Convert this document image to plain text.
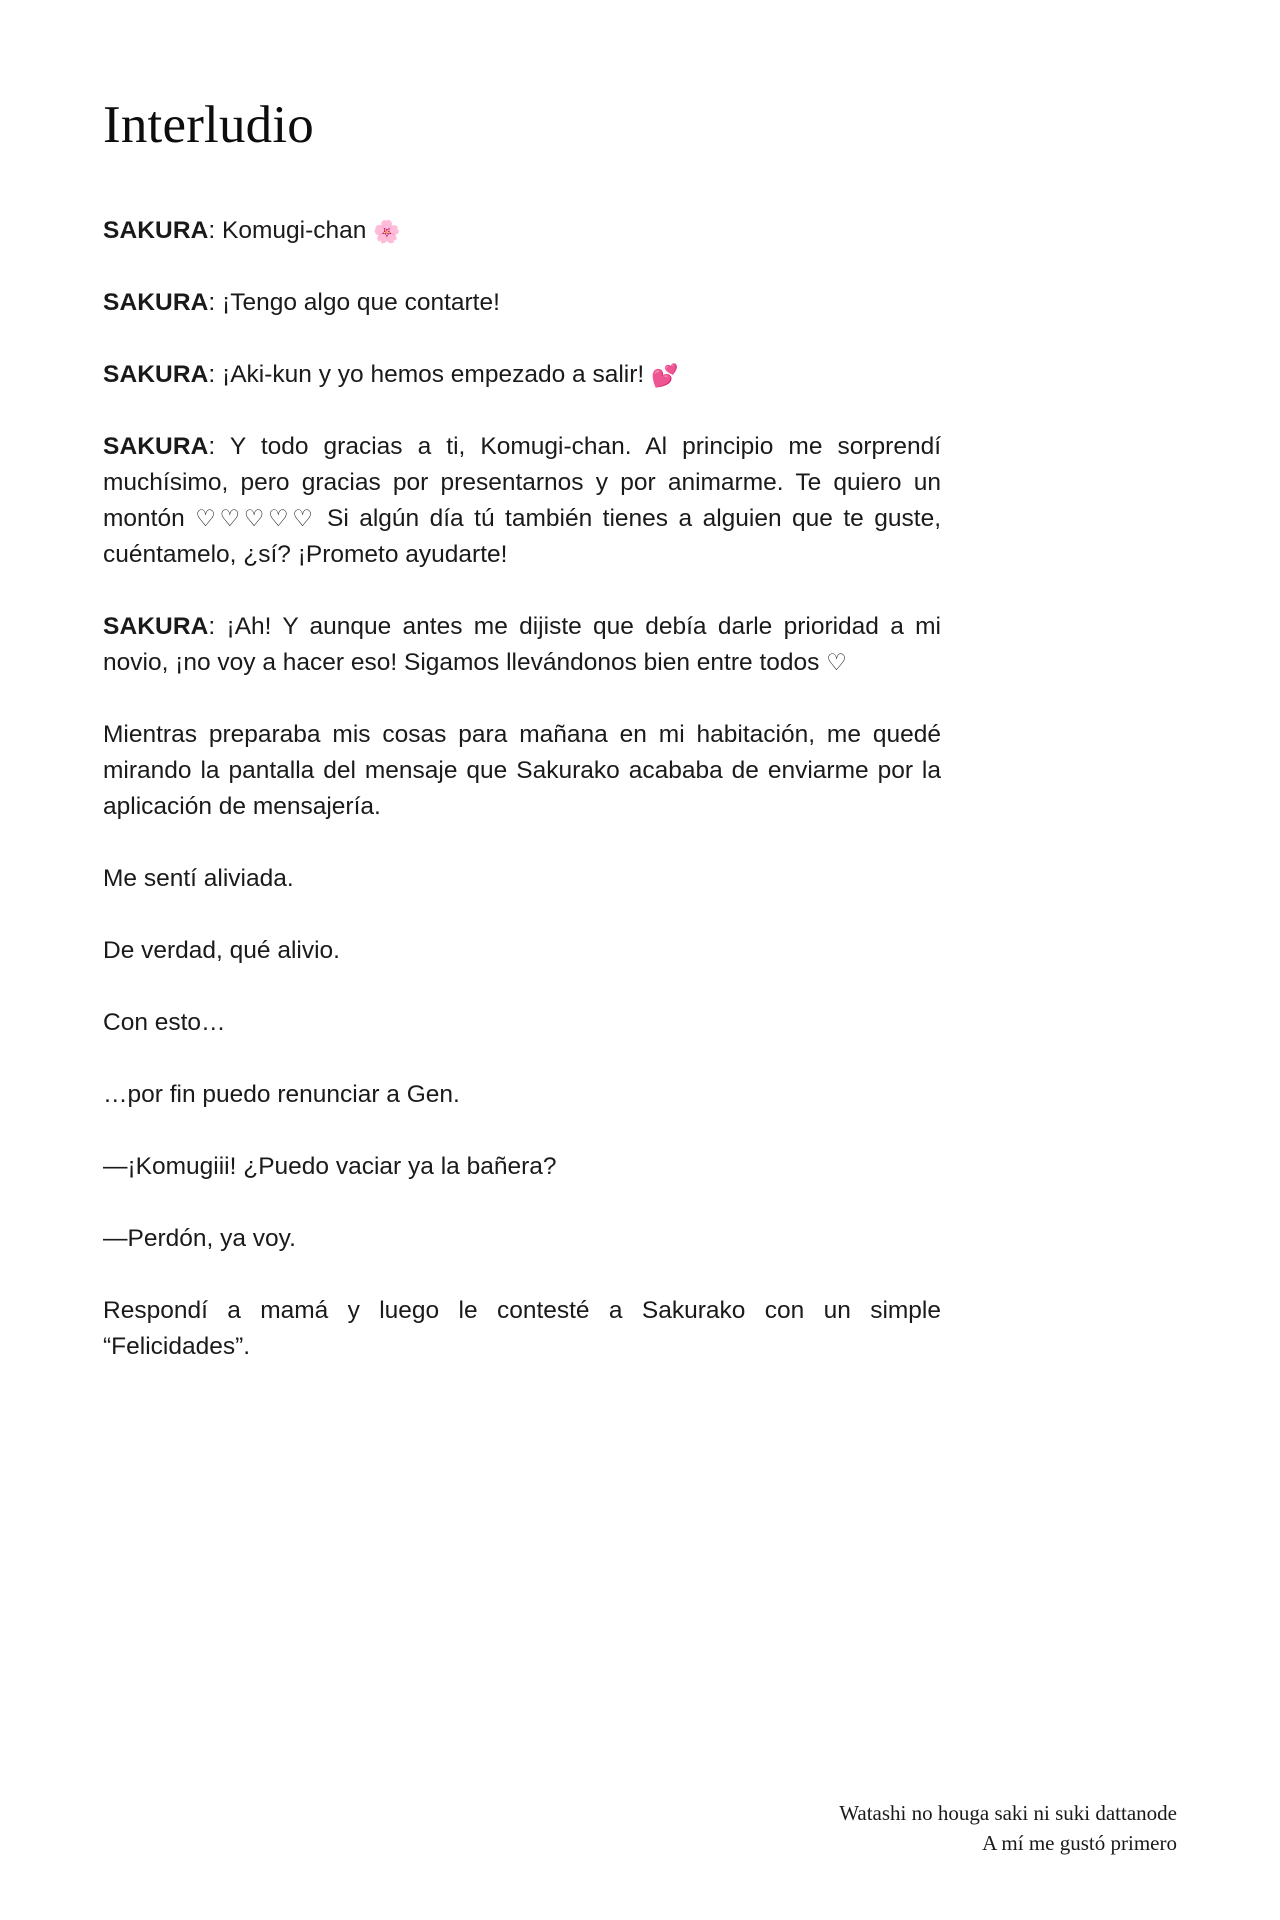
Interludio

SAKURA: Komugi-chan 🌸

SAKURA: ¡Tengo algo que contarte!

SAKURA: ¡Aki-kun y yo hemos empezado a salir! 💕

SAKURA: Y todo gracias a ti, Komugi-chan. Al principio me sorprendí muchísimo, pero gracias por presentarnos y por animarme. Te quiero un montón ♡♡♡♡♡ Si algún día tú también tienes a alguien que te guste, cuéntamelo, ¿sí? ¡Prometo ayudarte!

SAKURA: ¡Ah! Y aunque antes me dijiste que debía darle prioridad a mi novio, ¡no voy a hacer eso! Sigamos llevándonos bien entre todos ♡

Mientras preparaba mis cosas para mañana en mi habitación, me quedé mirando la pantalla del mensaje que Sakurako acababa de enviarme por la aplicación de mensajería.

Me sentí aliviada.

De verdad, qué alivio.

Con esto…

…por fin puedo renunciar a Gen.

—¡Komugiii! ¿Puedo vaciar ya la bañera?

—Perdón, ya voy.

Respondí a mamá y luego le contesté a Sakurako con un simple “Felicidades”.

Watashi no houga saki ni suki dattanode
A mí me gustó primero
